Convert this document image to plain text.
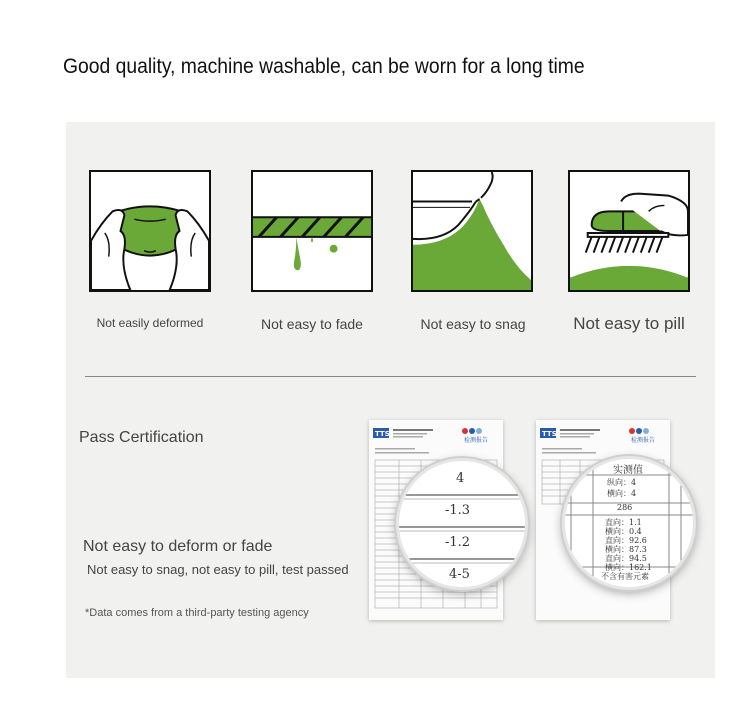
Good quality, machine washable, can be worn for a long time
Not easily deformed	Not easy to fade	Not easy to snag	Not easy to pill
Pass Certification
Not easy to deform or fade
Not easy to snag, not easy to pill, test passed
*Data comes from a third-party testing agency
TTS
检测报告
4
-1.3
-1.2
4-5
TTS
检测报告
实测值
纵向：4
横向：4
286
直向：1.1
横向：0.4
直向：92.6
横向：87.3
直向：94.5
横向：162.1
不含有害元素
